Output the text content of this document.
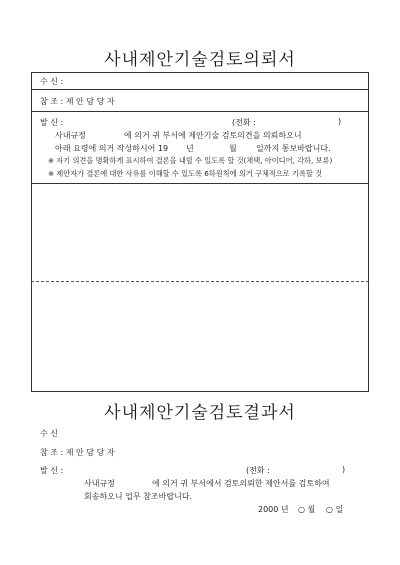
사내제안기술검토의뢰서
수 신 :
참 조 : 제 안 담 당 자
발 신 :	(전화 :	)
사내규정	에 의거 귀 부서에 제안기술 검토의견을 의뢰하오니
아래 요령에 의거 작성하시어 19 년	월 일까지 통보바랍니다.
※ 자기 의견을 명확하게 표시하여 결론을 내릴 수 있도록 할 것(채택, 아이디어, 각하, 보류)
※ 제안자가 결론에 대한 사유를 이해할 수 있도록 6하원칙에 의거 구체적으로 기록할 것
사내제안기술검토결과서
수 신
참 조 : 제 안 담 당 자
발 신 :	(전화 :	)
사내규정	에 의거 귀 부서에서 검토의뢰한 제안서를 검토하여
회송하오니 업무 참조바랍니다.
2000 년 ○ 월 ○ 일
